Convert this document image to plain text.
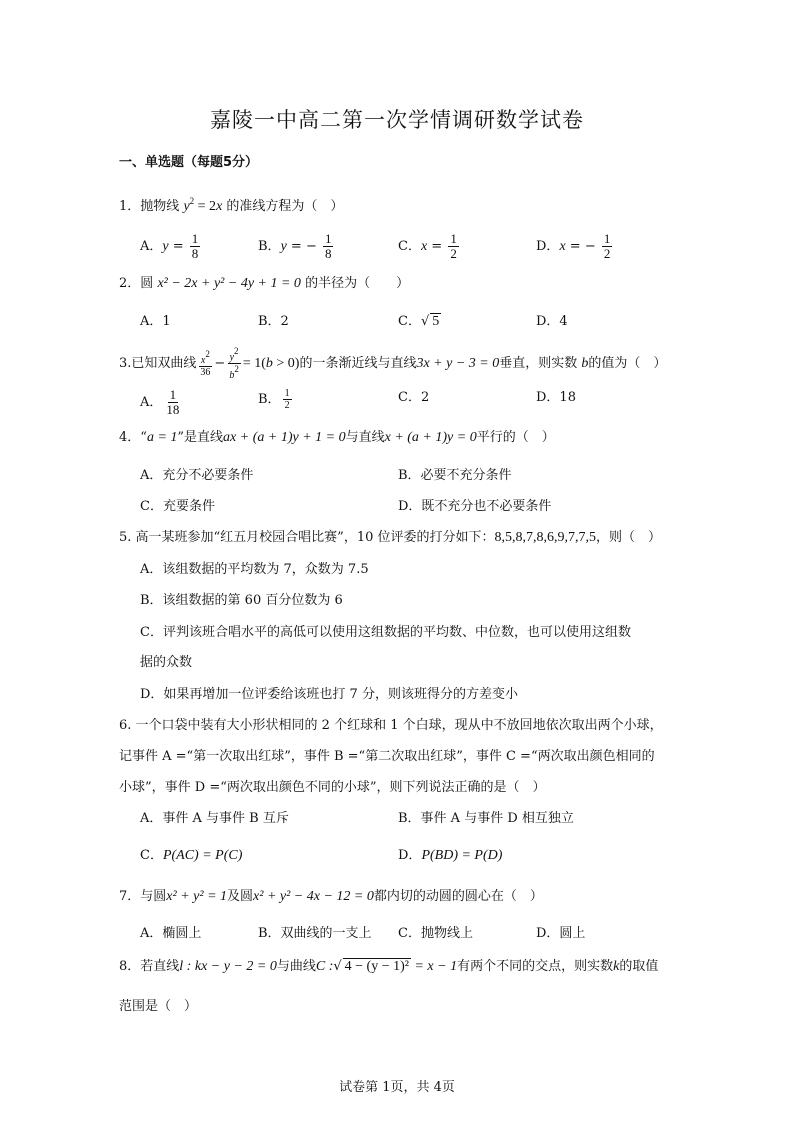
嘉陵一中高二第一次学情调研数学试卷
一、单选题（每题5分）
1．抛物线 $y^2 = 2x$ 的准线方程为（　）
A．$y = \frac{1}{8}$	B．y = − $\frac{1}{8}$	C．$x = \frac{1}{2}$	D．x = − $\frac{1}{2}$
2．圆 x² − 2x + y² − 4y + 1 = 0 的半径为（　　）
A．1	B．2	C．√ 5	D．4
3.已知双曲线 $\frac{x2}{36} - \frac{y2}{b2} = 1(b > 0)$的一条渐近线与直线3x + y − 3 = 0垂直，则实数 b的值为（　）
A． $\frac{1}{18}$	B． $\frac{1}{2}$	C．2	D．18
4．“a = 1”是直线ax + (a + 1)y + 1 = 0与直线x + (a + 1)y = 0平行的（　）
A．充分不必要条件	B．必要不充分条件
C．充要条件	D．既不充分也不必要条件
5. 高一某班参加“红五月校园合唱比赛”，10 位评委的打分如下：8,5,8,7,8,6,9,7,7,5，则（　）
A．该组数据的平均数为 7，众数为 7.5
B．该组数据的第 60 百分位数为 6
C．评判该班合唱水平的高低可以使用这组数据的平均数、中位数，也可以使用这组数
据的众数
D．如果再增加一位评委给该班也打 7 分，则该班得分的方差变小
6. 一个口袋中装有大小形状相同的 2 个红球和 1 个白球，现从中不放回地依次取出两个小球，
记事件 A =“第一次取出红球”，事件 B =“第二次取出红球”，事件 C =“两次取出颜色相同的
小球”，事件 D =“两次取出颜色不同的小球”，则下列说法正确的是（　）
A．事件 A 与事件 B 互斥	B．事件 A 与事件 D 相互独立
C．P(AC) = P(C)	D．P(BD) = P(D)
7．与圆x² + y² = 1及圆x² + y² − 4x − 12 = 0都内切的动圆的圆心在（　）
A．椭圆上	B．双曲线的一支上 C．抛物线上	D．圆上
8．若直线l : kx − y − 2 = 0与曲线C :√ 4 − (y − 1)² = x − 1有两个不同的交点，则实数k的取值
范围是（　）
试卷第 1页，共 4页
